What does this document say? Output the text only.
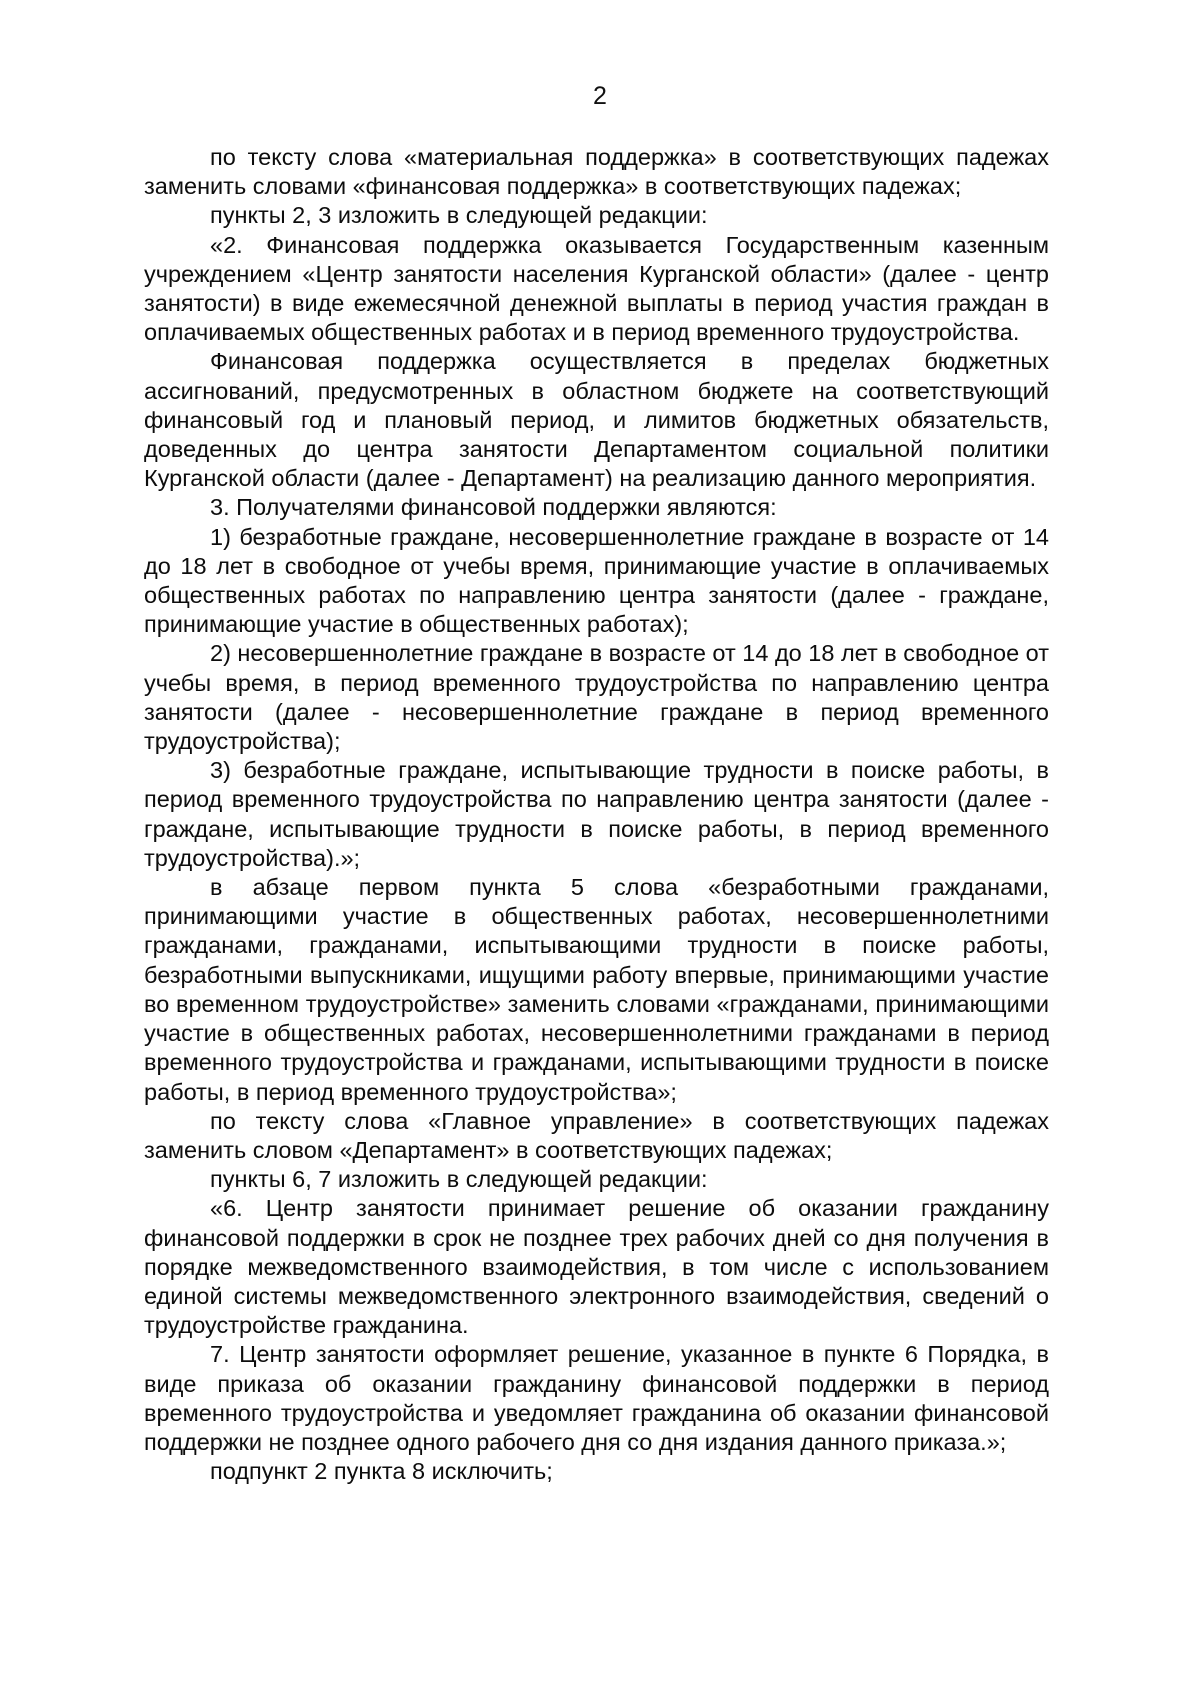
2

по тексту слова «материальная поддержка» в соответствующих падежах заменить словами «финансовая поддержка» в соответствующих падежах;

пункты 2, 3 изложить в следующей редакции:

«2. Финансовая поддержка оказывается Государственным казенным учреждением «Центр занятости населения Курганской области» (далее - центр занятости) в виде ежемесячной денежной выплаты в период участия граждан в оплачиваемых общественных работах и в период временного трудоустройства.

Финансовая поддержка осуществляется в пределах бюджетных ассигнований, предусмотренных в областном бюджете на соответствующий финансовый год и плановый период, и лимитов бюджетных обязательств, доведенных до центра занятости Департаментом социальной политики Курганской области (далее - Департамент) на реализацию данного мероприятия.

3. Получателями финансовой поддержки являются:

1) безработные граждане, несовершеннолетние граждане в возрасте от 14 до 18 лет в свободное от учебы время, принимающие участие в оплачиваемых общественных работах по направлению центра занятости (далее - граждане, принимающие участие в общественных работах);

2) несовершеннолетние граждане в возрасте от 14 до 18 лет в свободное от учебы время, в период временного трудоустройства по направлению центра занятости (далее - несовершеннолетние граждане в период временного трудоустройства);

3) безработные граждане, испытывающие трудности в поиске работы, в период временного трудоустройства по направлению центра занятости (далее - граждане, испытывающие трудности в поиске работы, в период временного трудоустройства).»;

в абзаце первом пункта 5 слова «безработными гражданами, принимающими участие в общественных работах, несовершеннолетними гражданами, гражданами, испытывающими трудности в поиске работы, безработными выпускниками, ищущими работу впервые, принимающими участие во временном трудоустройстве» заменить словами «гражданами, принимающими участие в общественных работах, несовершеннолетними гражданами в период временного трудоустройства и гражданами, испытывающими трудности в поиске работы, в период временного трудоустройства»;

по тексту слова «Главное управление» в соответствующих падежах заменить словом «Департамент» в соответствующих падежах;

пункты 6, 7 изложить в следующей редакции:

«6. Центр занятости принимает решение об оказании гражданину финансовой поддержки в срок не позднее трех рабочих дней со дня получения в порядке межведомственного взаимодействия, в том числе с использованием единой системы межведомственного электронного взаимодействия, сведений о трудоустройстве гражданина.

7. Центр занятости оформляет решение, указанное в пункте 6 Порядка, в виде приказа об оказании гражданину финансовой поддержки в период временного трудоустройства и уведомляет гражданина об оказании финансовой поддержки не позднее одного рабочего дня со дня издания данного приказа.»;

подпункт 2 пункта 8 исключить;
